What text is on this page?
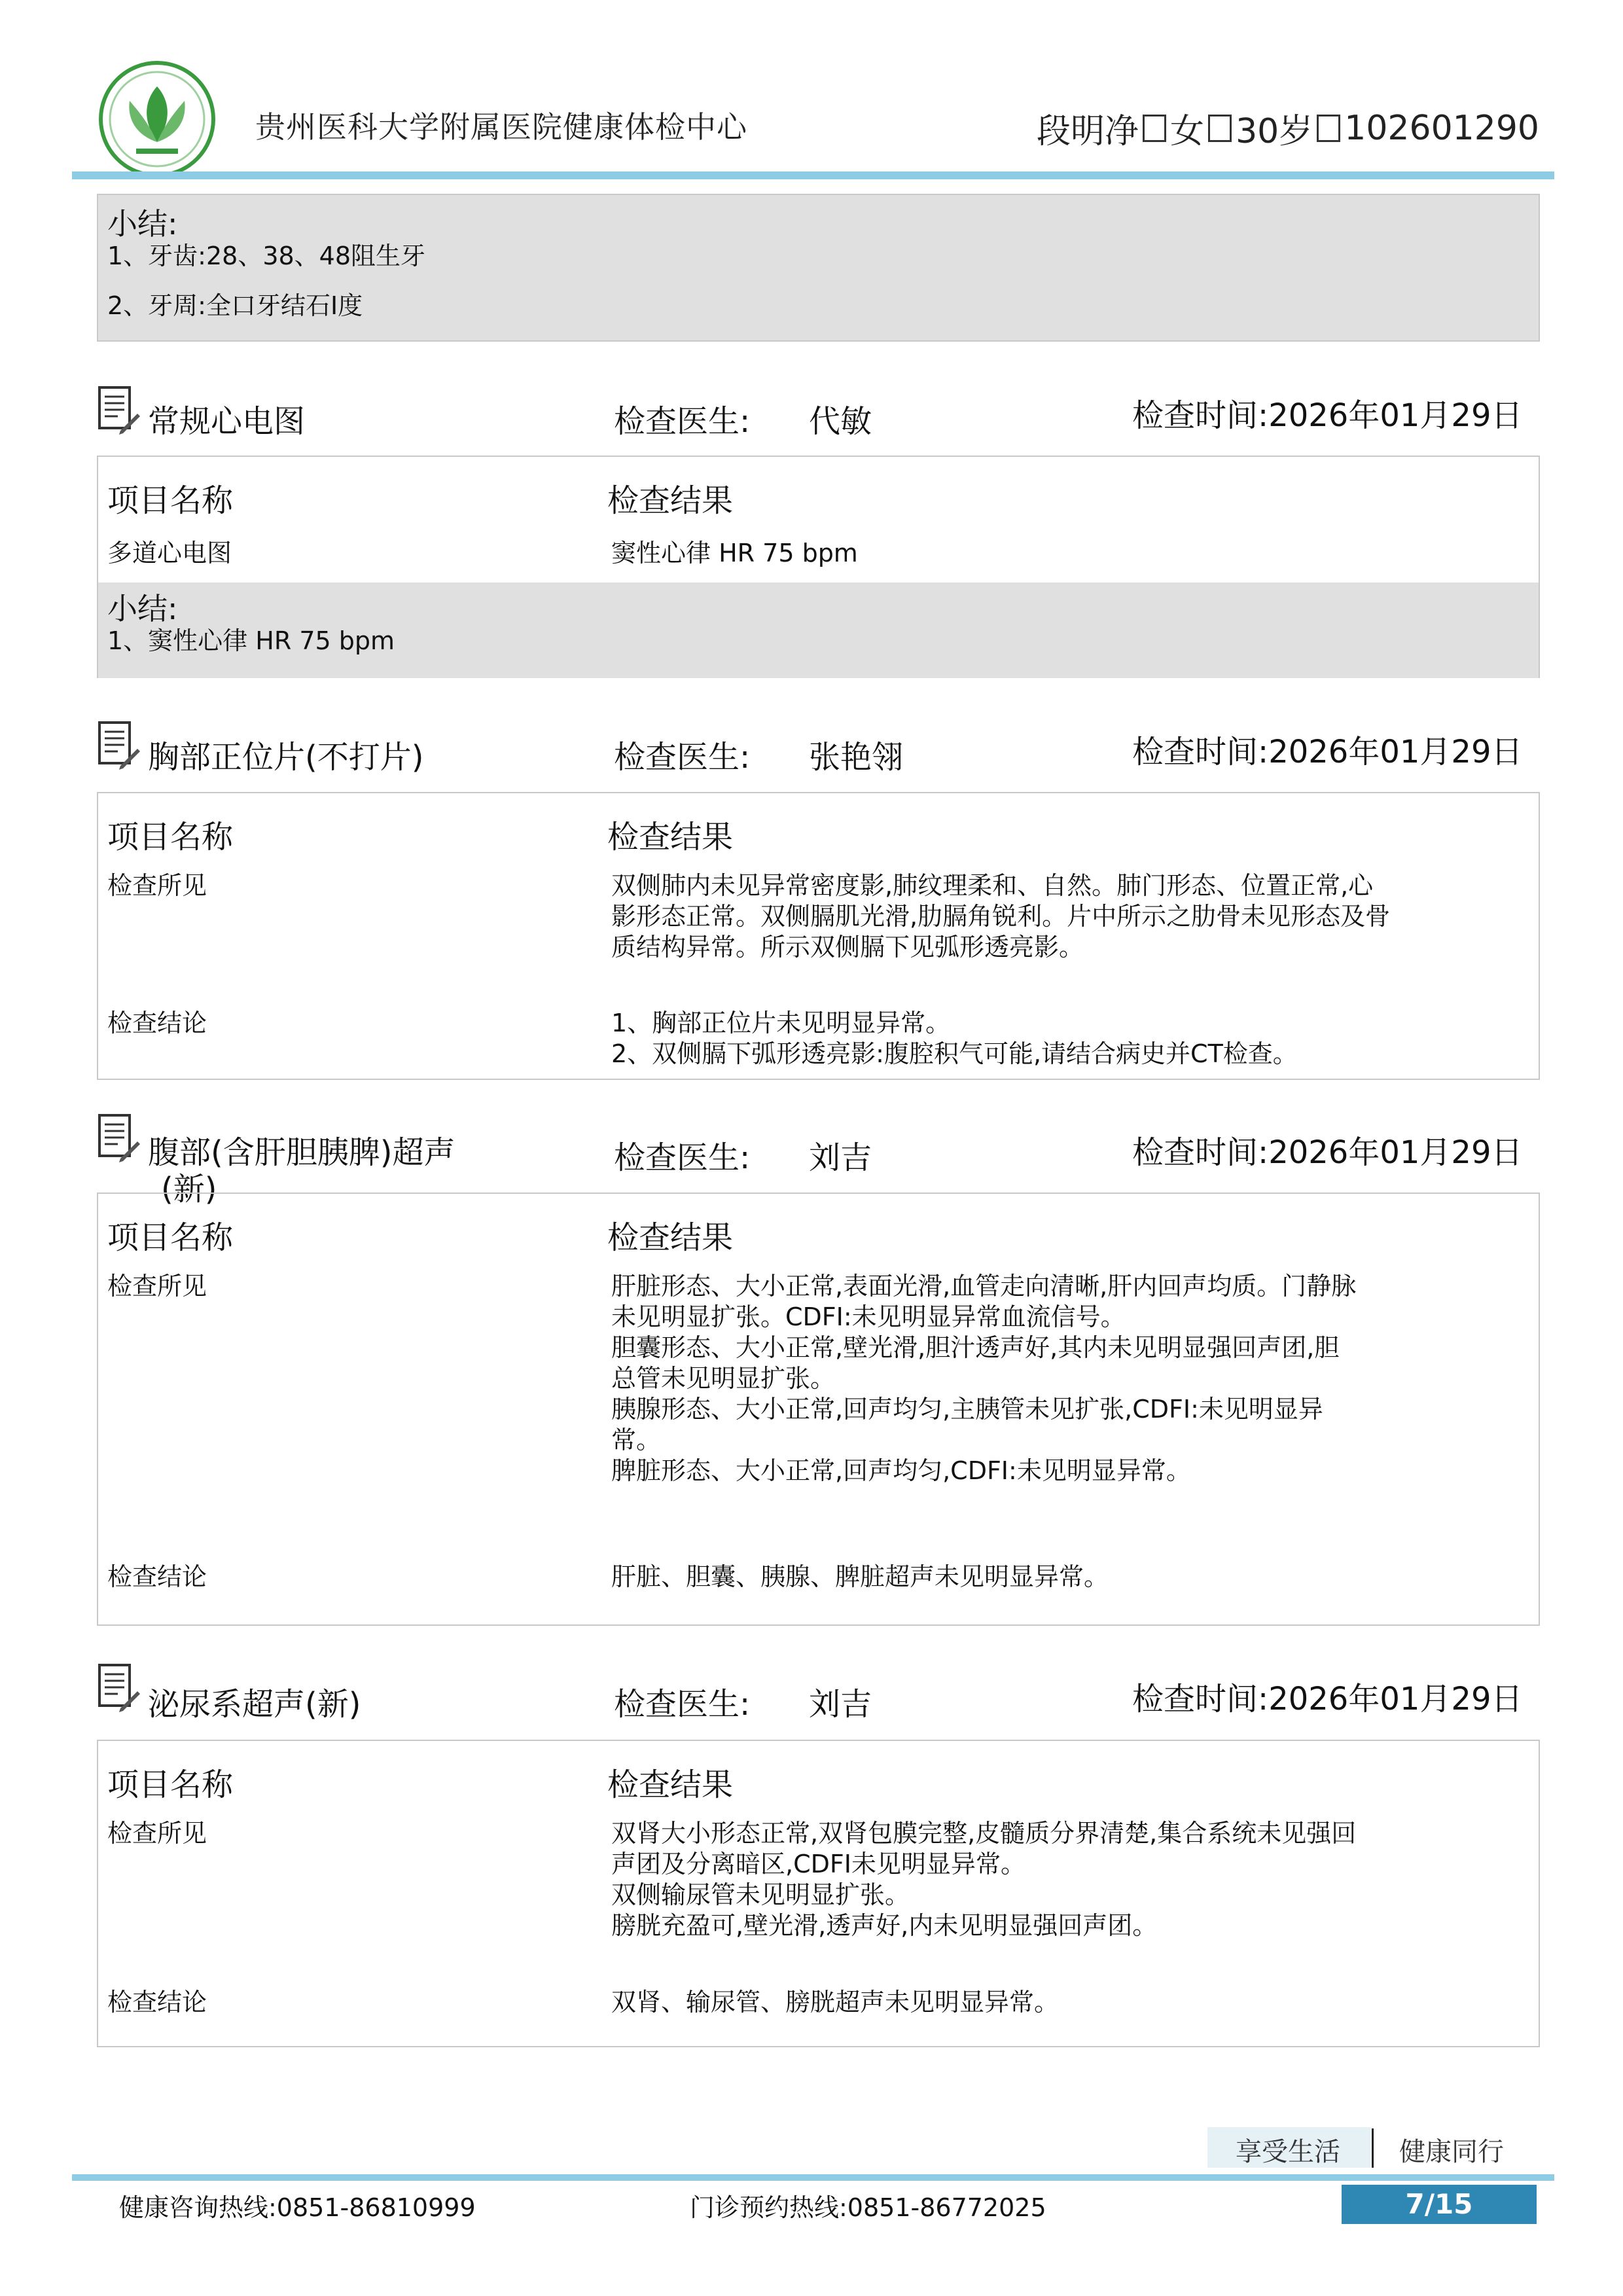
贵州医科大学附属医院健康体检中心	段明净 女 30岁 102601290
小结:
1、牙齿:28、38、48阻生牙
2、牙周:全口牙结石Ⅰ度
常规心电图	检查医生: 代敏	检查时间:2026年01月29日
项目名称	检查结果
多道心电图	窦性心律 HR 75 bpm
小结:
1、窦性心律 HR 75 bpm
胸部正位片(不打片)	检查医生: 张艳翎	检查时间:2026年01月29日
项目名称	检查结果
检查所见	双侧肺内未见异常密度影,肺纹理柔和、自然。肺门形态、位置正常,心
影形态正常。双侧膈肌光滑,肋膈角锐利。片中所示之肋骨未见形态及骨
质结构异常。所示双侧膈下见弧形透亮影。
检查结论	1、胸部正位片未见明显异常。
2、双侧膈下弧形透亮影:腹腔积气可能,请结合病史并CT检查。
腹部(含肝胆胰脾)超声
(新)
检查医生: 刘吉	检查时间:2026年01月29日
项目名称	检查结果
检查所见	肝脏形态、大小正常,表面光滑,血管走向清晰,肝内回声均质。门静脉
未见明显扩张。CDFI:未见明显异常血流信号。
胆囊形态、大小正常,壁光滑,胆汁透声好,其内未见明显强回声团,胆
总管未见明显扩张。
胰腺形态、大小正常,回声均匀,主胰管未见扩张,CDFI:未见明显异
常。
脾脏形态、大小正常,回声均匀,CDFI:未见明显异常。
检查结论	肝脏、胆囊、胰腺、脾脏超声未见明显异常。
泌尿系超声(新)	检查医生: 刘吉	检查时间:2026年01月29日
项目名称	检查结果
检查所见	双肾大小形态正常,双肾包膜完整,皮髓质分界清楚,集合系统未见强回
声团及分离暗区,CDFI未见明显异常。
双侧输尿管未见明显扩张。
膀胱充盈可,壁光滑,透声好,内未见明显强回声团。
检查结论	双肾、输尿管、膀胱超声未见明显异常。
享受生活 健康同行
健康咨询热线:0851-86810999	门诊预约热线:0851-86772025	7/15
